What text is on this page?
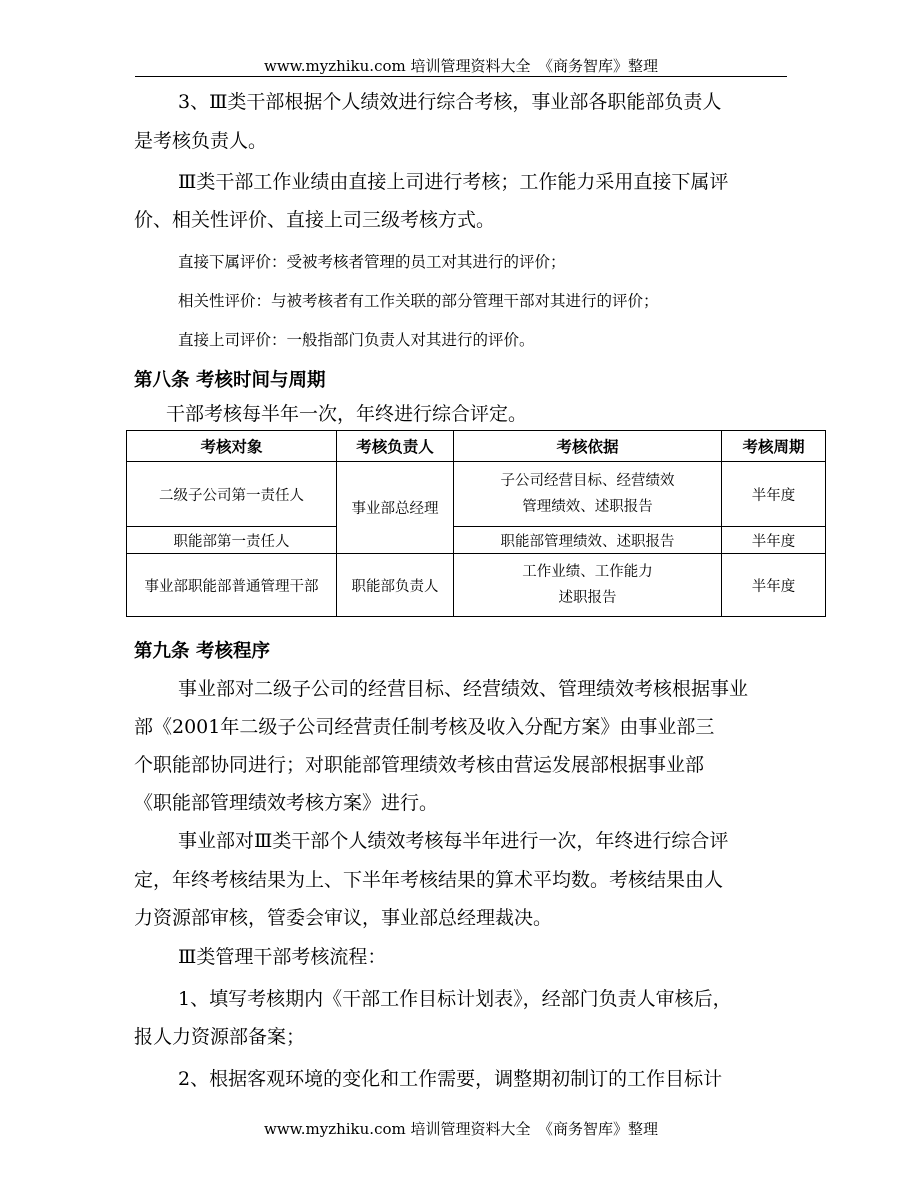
www.myzhiku.com 培训管理资料大全　《商务智库》整理
3、Ⅲ类干部根据个人绩效进行综合考核，事业部各职能部负责人
是考核负责人。
Ⅲ类干部工作业绩由直接上司进行考核；工作能力采用直接下属评
价、相关性评价、直接上司三级考核方式。
直接下属评价：受被考核者管理的员工对其进行的评价；
相关性评价：与被考核者有工作关联的部分管理干部对其进行的评价；
直接上司评价：一般指部门负责人对其进行的评价。
第八条 考核时间与周期
干部考核每半年一次，年终进行综合评定。
考核对象	考核负责人	考核依据	考核周期
二级子公司第一责任人	事业部总经理	子公司经营目标、经营绩效
管理绩效、述职报告	半年度
职能部第一责任人		职能部管理绩效、述职报告	半年度
事业部职能部普通管理干部	职能部负责人	工作业绩、工作能力
述职报告	半年度
第九条 考核程序
事业部对二级子公司的经营目标、经营绩效、管理绩效考核根据事业
部《2001年二级子公司经营责任制考核及收入分配方案》由事业部三
个职能部协同进行；对职能部管理绩效考核由营运发展部根据事业部
《职能部管理绩效考核方案》进行。
事业部对Ⅲ类干部个人绩效考核每半年进行一次，年终进行综合评
定，年终考核结果为上、下半年考核结果的算术平均数。考核结果由人
力资源部审核，管委会审议，事业部总经理裁决。
Ⅲ类管理干部考核流程：
1、填写考核期内《干部工作目标计划表》，经部门负责人审核后，
报人力资源部备案；
2、根据客观环境的变化和工作需要，调整期初制订的工作目标计
www.myzhiku.com 培训管理资料大全　《商务智库》整理
